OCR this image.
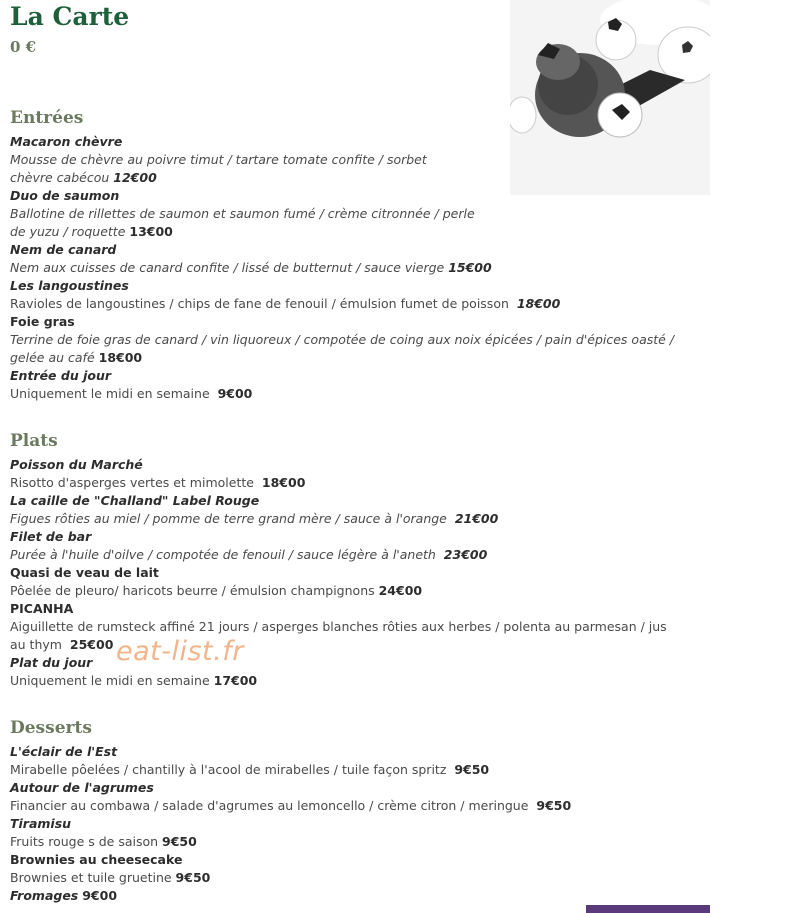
La Carte
0 €
Entrées
Macaron chèvre
Mousse de chèvre au poivre timut / tartare tomate confite / sorbet chèvre cabécou 12€00
Duo de saumon
Ballotine de rillettes de saumon et saumon fumé / crème citronnée / perle de yuzu / roquette 13€00
Nem de canard
Nem aux cuisses de canard confite / lissé de butternut / sauce vierge 15€00
Les langoustines
Ravioles de langoustines / chips de fane de fenouil / émulsion fumet de poisson 18€00
Foie gras
Terrine de foie gras de canard / vin liquoreux / compotée de coing aux noix épicées / pain d'épices oasté / gelée au café 18€00
Entrée du jour
Uniquement le midi en semaine 9€00
Plats
Poisson du Marché
Risotto d'asperges vertes et mimolette 18€00
La caille de "Challand" Label Rouge
Figues rôties au miel / pomme de terre grand mère / sauce à l'orange 21€00
Filet de bar
Purée à l'huile d'oilve / compotée de fenouil / sauce légère à l'aneth 23€00
Quasi de veau de lait
Pôelée de pleuro/ haricots beurre / émulsion champignons 24€00
PICANHA
Aiguillette de rumsteck affiné 21 jours / asperges blanches rôties aux herbes / polenta au parmesan / jus au thym 25€00
Plat du jour
Uniquement le midi en semaine 17€00
Desserts
L'éclair de l'Est
Mirabelle pôelées / chantilly à l'acool de mirabelles / tuile façon spritz 9€50
Autour de l'agrumes
Financier au combawa / salade d'agrumes au lemoncello / crème citron / meringue 9€50
Tiramisu
Fruits rouge s de saison 9€50
Brownies au cheesecake
Brownies et tuile gruetine 9€50
Fromages 9€00
eat-list.fr
